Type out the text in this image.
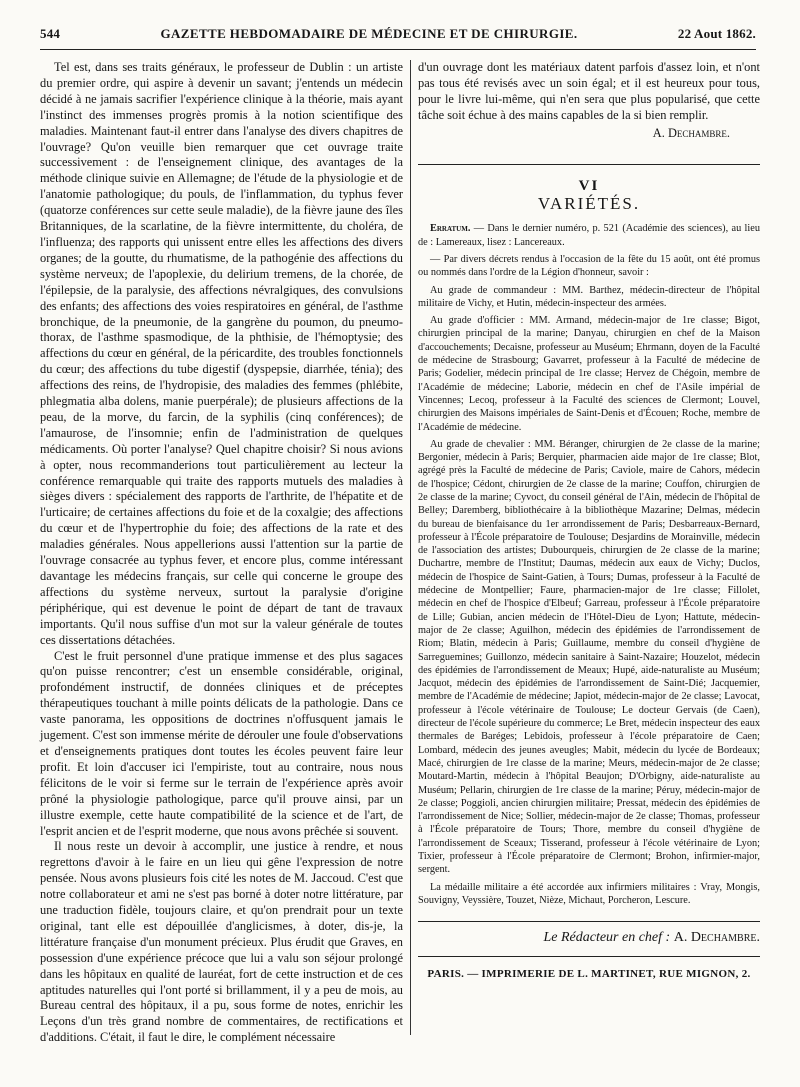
544	GAZETTE HEBDOMADAIRE DE MÉDECINE ET DE CHIRURGIE.	22 Aout 1862.

Tel est, dans ses traits généraux, le professeur de Dublin : un artiste du premier ordre, qui aspire à devenir un savant; j'entends un médecin décidé à ne jamais sacrifier l'expérience clinique à la théorie, mais ayant l'instinct des immenses progrès promis à la notion scientifique des maladies. Maintenant faut-il entrer dans l'analyse des divers chapitres de l'ouvrage? Qu'on veuille bien remarquer que cet ouvrage traite successivement : de l'enseignement clinique, des avantages de la méthode clinique suivie en Allemagne; de l'étude de la physiologie et de l'anatomie pathologique; du pouls, de l'inflammation, du typhus fever (quatorze conférences sur cette seule maladie), de la fièvre jaune des îles Britanniques, de la scarlatine, de la fièvre intermittente, du choléra, de l'influenza; des rapports qui unissent entre elles les affections des divers organes; de la goutte, du rhumatisme, de la pathogénie des affections du système nerveux; de l'apoplexie, du delirium tremens, de la chorée, de l'épilepsie, de la paralysie, des affections névralgiques, des convulsions des enfants; des affections des voies respiratoires en général, de l'asthme bronchique, de la pneumonie, de la gangrène du poumon, du pneumo-thorax, de l'asthme spasmodique, de la phthisie, de l'hémoptysie; des affections du cœur en général, de la péricardite, des troubles fonctionnels du cœur; des affections du tube digestif (dyspepsie, diarrhée, ténia); des affections des reins, de l'hydropisie, des maladies des femmes (phlébite, phlegmatia alba dolens, manie puerpérale); de plusieurs affections de la peau, de la morve, du farcin, de la syphilis (cinq conférences); de l'amaurose, de l'insomnie; enfin de l'administration de quelques médicaments. Où porter l'analyse? Quel chapitre choisir? Si nous avions à opter, nous recommanderions tout particulièrement au lecteur la conférence remarquable qui traite des rapports mutuels des maladies à sièges divers : spécialement des rapports de l'arthrite, de l'hépatite et de l'urticaire; de certaines affections du foie et de la coxalgie; des affections du cœur et de l'hypertrophie du foie; des affections de la rate et des maladies générales. Nous appellerions aussi l'attention sur la partie de l'ouvrage consacrée au typhus fever, et encore plus, comme intéressant davantage les médecins français, sur celle qui concerne le groupe des affections du système nerveux, surtout la paralysie d'origine périphérique, qui est devenue le point de départ de tant de travaux importants. Qu'il nous suffise d'un mot sur la valeur générale de toutes ces dissertations détachées.

C'est le fruit personnel d'une pratique immense et des plus sagaces qu'on puisse rencontrer; c'est un ensemble considérable, original, profondément instructif, de données cliniques et de préceptes thérapeutiques touchant à mille points délicats de la pathologie. Dans ce vaste panorama, les oppositions de doctrines n'offusquent jamais le jugement. C'est son immense mérite de dérouler une foule d'observations et d'enseignements pratiques dont toutes les écoles peuvent faire leur profit. Et loin d'accuser ici l'empiriste, tout au contraire, nous nous félicitons de le voir si ferme sur le terrain de l'expérience après avoir prôné la physiologie pathologique, parce qu'il prouve ainsi, par un illustre exemple, cette haute compatibilité de la science et de l'art, de l'esprit ancien et de l'esprit moderne, que nous avons prêchée si souvent.

Il nous reste un devoir à accomplir, une justice à rendre, et nous regrettons d'avoir à le faire en un lieu qui gêne l'expression de notre pensée. Nous avons plusieurs fois cité les notes de M. Jaccoud. C'est que notre collaborateur et ami ne s'est pas borné à doter notre littérature, par une traduction fidèle, toujours claire, et qu'on prendrait pour un texte original, tant elle est dépouillée d'anglicismes, à doter, dis-je, la littérature française d'un monument précieux. Plus érudit que Graves, en possession d'une expérience précoce que lui a valu son séjour prolongé dans les hôpitaux en qualité de lauréat, fort de cette instruction et de ces aptitudes naturelles qui l'ont porté si brillamment, il y a peu de mois, au Bureau central des hôpitaux, il a pu, sous forme de notes, enrichir les Leçons d'un très grand nombre de commentaires, de rectifications et d'additions. C'était, il faut le dire, le complément nécessaire

d'un ouvrage dont les matériaux datent parfois d'assez loin, et n'ont pas tous été revisés avec un soin égal; et il est heureux pour tous, pour le livre lui-même, qui n'en sera que plus popularisé, que cette tâche soit échue à des mains capables de la si bien remplir.

A. Dechambre.
VI
VARIÉTÉS.

Erratum. — Dans le dernier numéro, p. 521 (Académie des sciences), au lieu de : Lamereaux, lisez : Lancereaux.

— Par divers décrets rendus à l'occasion de la fête du 15 août, ont été promus ou nommés dans l'ordre de la Légion d'honneur, savoir :

Au grade de commandeur : MM. Barthez, médecin-directeur de l'hôpital militaire de Vichy, et Hutin, médecin-inspecteur des armées.

Au grade d'officier : MM. Armand, médecin-major de 1re classe; Bigot, chirurgien principal de la marine; Danyau, chirurgien en chef de la Maison d'accouchements; Decaisne, professeur au Muséum; Ehrmann, doyen de la Faculté de médecine de Strasbourg; Gavarret, professeur à la Faculté de médecine de Paris; Godelier, médecin principal de 1re classe; Hervez de Chégoin, membre de l'Académie de médecine; Laborie, médecin en chef de l'Asile impérial de Vincennes; Lecoq, professeur à la Faculté des sciences de Clermont; Louvel, chirurgien des Maisons impériales de Saint-Denis et d'Écouen; Roche, membre de l'Académie de médecine.

Au grade de chevalier : MM. Béranger, chirurgien de 2e classe de la marine; Bergonier, médecin à Paris; Berquier, pharmacien aide major de 1re classe; Blot, agrégé près la Faculté de médecine de Paris; Caviole, maire de Cahors, médecin de l'hospice; Cédont, chirurgien de 2e classe de la marine; Couffon, chirurgien de 2e classe de la marine; Cyvoct, du conseil général de l'Ain, médecin de l'hôpital de Belley; Daremberg, bibliothécaire à la bibliothèque Mazarine; Delmas, médecin du bureau de bienfaisance du 1er arrondissement de Paris; Desbarreaux-Bernard, professeur à l'École préparatoire de Toulouse; Desjardins de Morainville, médecin de l'association des artistes; Dubourqueis, chirurgien de 2e classe de la marine; Duchartre, membre de l'Institut; Daumas, médecin aux eaux de Vichy; Duclos, médecin de l'hospice de Saint-Gatien, à Tours; Dumas, professeur à la Faculté de médecine de Montpellier; Faure, pharmacien-major de 1re classe; Fillolet, médecin en chef de l'hospice d'Elbeuf; Garreau, professeur à l'École préparatoire de Lille; Gubian, ancien médecin de l'Hôtel-Dieu de Lyon; Hattute, médecin-major de 2e classe; Aguilhon, médecin des épidémies de l'arrondissement de Riom; Blatin, médecin à Paris; Guillaume, membre du conseil d'hygiène de Sarreguemines; Guillonzo, médecin sanitaire à Saint-Nazaire; Houzelot, médecin des épidémies de l'arrondissement de Meaux; Hupé, aide-naturaliste au Muséum; Jacquot, médecin des épidémies de l'arrondissement de Saint-Dié; Jacquemier, membre de l'Académie de médecine; Japiot, médecin-major de 2e classe; Lavocat, professeur à l'école vétérinaire de Toulouse; Le docteur Gervais (de Caen), directeur de l'école supérieure du commerce; Le Bret, médecin inspecteur des eaux thermales de Baréges; Lebidois, professeur à l'école préparatoire de Caen; Lombard, médecin des jeunes aveugles; Mabit, médecin du lycée de Bordeaux; Macé, chirurgien de 1re classe de la marine; Meurs, médecin-major de 2e classe; Moutard-Martin, médecin à l'hôpital Beaujon; D'Orbigny, aide-naturaliste au Muséum; Pellarin, chirurgien de 1re classe de la marine; Péruy, médecin-major de 2e classe; Poggioli, ancien chirurgien militaire; Pressat, médecin des épidémies de l'arrondissement de Nice; Sollier, médecin-major de 2e classe; Thomas, professeur à l'École préparatoire de Tours; Thore, membre du conseil d'hygiène de l'arrondissement de Sceaux; Tisserand, professeur à l'école vétérinaire de Lyon; Tixier, professeur à l'École préparatoire de Clermont; Brohon, infirmier-major, sergent.

La médaille militaire a été accordée aux infirmiers militaires : Vray, Mongis, Souvigny, Veyssière, Touzet, Nièze, Michaut, Porcheron, Lescure.

Le Rédacteur en chef : A. Dechambre.
PARIS. — IMPRIMERIE DE L. MARTINET, RUE MIGNON, 2.
